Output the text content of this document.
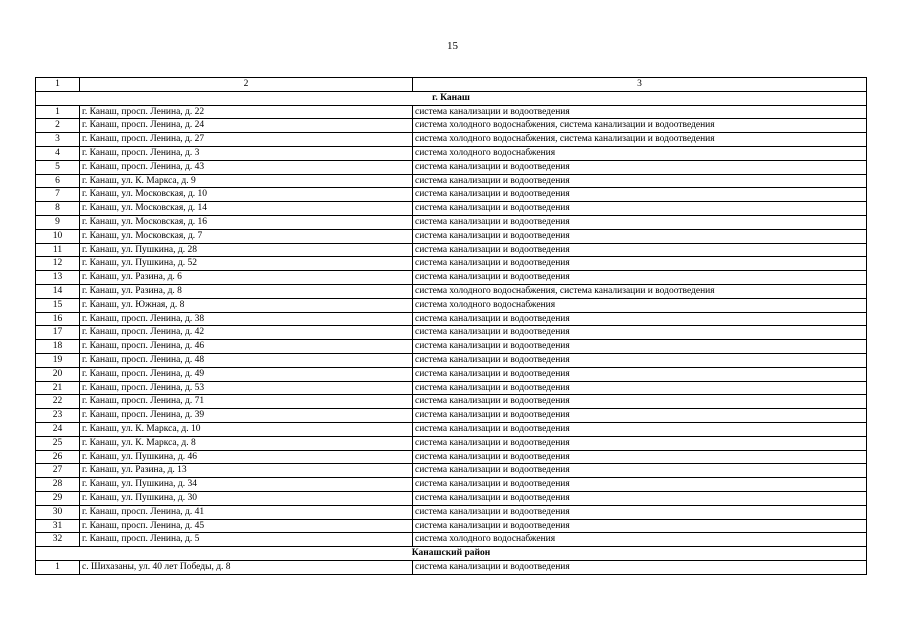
15
1	2	3
г. Канаш		
1	г. Канаш, просп. Ленина, д. 22	система канализации и водоотведения
2	г. Канаш, просп. Ленина, д. 24	система холодного водоснабжения, система канализации и водоотведения
3	г. Канаш, просп. Ленина, д. 27	система холодного водоснабжения, система канализации и водоотведения
4	г. Канаш, просп. Ленина, д. 3	система холодного водоснабжения
5	г. Канаш, просп. Ленина, д. 43	система канализации и водоотведения
6	г. Канаш, ул. К. Маркса, д. 9	система канализации и водоотведения
7	г. Канаш, ул. Московская, д. 10	система канализации и водоотведения
8	г. Канаш, ул. Московская, д. 14	система канализации и водоотведения
9	г. Канаш, ул. Московская, д. 16	система канализации и водоотведения
10	г. Канаш, ул. Московская, д. 7	система канализации и водоотведения
11	г. Канаш, ул. Пушкина, д. 28	система канализации и водоотведения
12	г. Канаш, ул. Пушкина, д. 52	система канализации и водоотведения
13	г. Канаш, ул. Разина, д. 6	система канализации и водоотведения
14	г. Канаш, ул. Разина, д. 8	система холодного водоснабжения, система канализации и водоотведения
15	г. Канаш, ул. Южная, д. 8	система холодного водоснабжения
16	г. Канаш, просп. Ленина, д. 38	система канализации и водоотведения
17	г. Канаш, просп. Ленина, д. 42	система канализации и водоотведения
18	г. Канаш, просп. Ленина, д. 46	система канализации и водоотведения
19	г. Канаш, просп. Ленина, д. 48	система канализации и водоотведения
20	г. Канаш, просп. Ленина, д. 49	система канализации и водоотведения
21	г. Канаш, просп. Ленина, д. 53	система канализации и водоотведения
22	г. Канаш, просп. Ленина, д. 71	система канализации и водоотведения
23	г. Канаш, просп. Ленина, д. 39	система канализации и водоотведения
24	г. Канаш, ул. К. Маркса, д. 10	система канализации и водоотведения
25	г. Канаш, ул. К. Маркса, д. 8	система канализации и водоотведения
26	г. Канаш, ул. Пушкина, д. 46	система канализации и водоотведения
27	г. Канаш, ул. Разина, д. 13	система канализации и водоотведения
28	г. Канаш, ул. Пушкина, д. 34	система канализации и водоотведения
29	г. Канаш, ул. Пушкина, д. 30	система канализации и водоотведения
30	г. Канаш, просп. Ленина, д. 41	система канализации и водоотведения
31	г. Канаш, просп. Ленина, д. 45	система канализации и водоотведения
32	г. Канаш, просп. Ленина, д. 5	система холодного водоснабжения
Канашский район		
1	с. Шихазаны, ул. 40 лет Победы, д. 8	система канализации и водоотведения
